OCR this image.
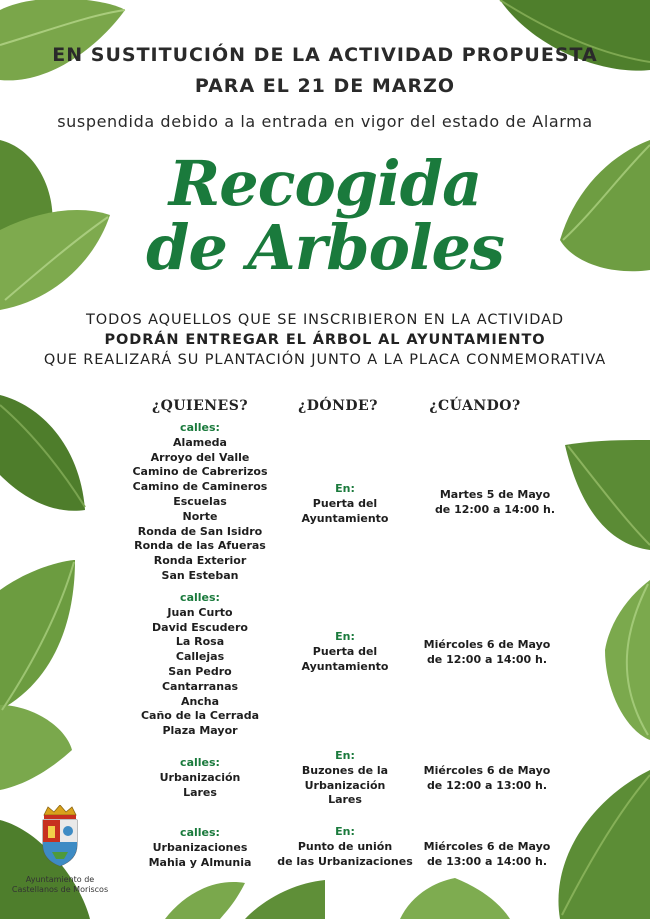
EN SUSTITUCIÓN DE LA ACTIVIDAD PROPUESTA
PARA EL 21 DE MARZO
suspendida debido a la entrada en vigor del estado de Alarma
Recogida
de Arboles
TODOS AQUELLOS QUE SE INSCRIBIERON EN LA ACTIVIDAD
PODRÁN ENTREGAR EL ÁRBOL AL AYUNTAMIENTO
QUE REALIZARÁ SU PLANTACIÓN JUNTO A LA PLACA CONMEMORATIVA
¿QUIENES?	¿DÓNDE?	¿CÚANDO?
calles:
Alameda
Arroyo del Valle
Camino de Cabrerizos
Camino de Camineros
Escuelas
Norte
Ronda de San Isidro
Ronda de las Afueras
Ronda Exterior
San Esteban
En:
Puerta del
Ayuntamiento
Martes 5 de Mayo
de 12:00 a 14:00 h.
calles:
Juan Curto
David Escudero
La Rosa
Callejas
San Pedro
Cantarranas
Ancha
Caño de la Cerrada
Plaza Mayor
En:
Puerta del
Ayuntamiento
Miércoles 6 de Mayo
de 12:00 a 14:00 h.
calles:
Urbanización
Lares
En:
Buzones de la
Urbanización
Lares
Miércoles 6 de Mayo
de 12:00 a 13:00 h.
calles:
Urbanizaciones
Mahia y Almunia
En:
Punto de unión
de las Urbanizaciones
Miércoles 6 de Mayo
de 13:00 a 14:00 h.
Ayuntamiento de
Castellanos de Moriscos
